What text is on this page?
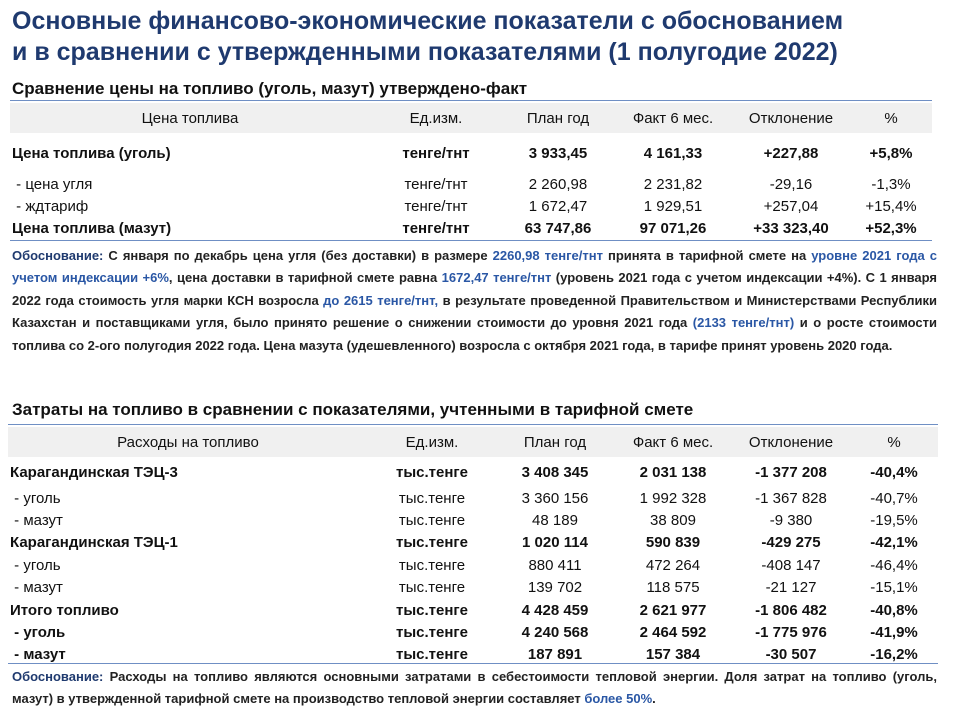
Основные финансово-экономические показатели с обоснованием
и в сравнении с утвержденными показателями (1 полугодие 2022)
Сравнение цены на топливо (уголь, мазут) утверждено-факт
Цена топлива	Ед.изм.	План год	Факт 6 мес.	Отклонение	%
Цена топлива (уголь)	тенге/тнт	3 933,45	4 161,33	+227,88	+5,8%
- цена угля	тенге/тнт	2 260,98	2 231,82	-29,16	-1,3%
- ждтариф	тенге/тнт	1 672,47	1 929,51	+257,04	+15,4%
Цена топлива (мазут)	тенге/тнт	63 747,86	97 071,26	+33 323,40	+52,3%
Обоснование: С января по декабрь цена угля (без доставки) в размере 2260,98 тенге/тнт принята в тарифной смете на уровне 2021 года с учетом индексации +6%, цена доставки в тарифной смете равна 1672,47 тенге/тнт (уровень 2021 года с учетом индексации +4%). С 1 января 2022 года стоимость угля марки КСН возросла до 2615 тенге/тнт, в результате проведенной Правительством и Министерствами Республики Казахстан и поставщиками угля, было принято решение о снижении стоимости до уровня 2021 года (2133 тенге/тнт) и о росте стоимости топлива со 2-ого полугодия 2022 года. Цена мазута (удешевленного) возросла с октября 2021 года, в тарифе принят уровень 2020 года.
Затраты на топливо в сравнении с показателями, учтенными в тарифной смете
Расходы на топливо	Ед.изм.	План год	Факт 6 мес.	Отклонение	%
Карагандинская ТЭЦ-3	тыс.тенге	3 408 345	2 031 138	-1 377 208	-40,4%
- уголь	тыс.тенге	3 360 156	1 992 328	-1 367 828	-40,7%
- мазут	тыс.тенге	48 189	38 809	-9 380	-19,5%
Карагандинская ТЭЦ-1	тыс.тенге	1 020 114	590 839	-429 275	-42,1%
- уголь	тыс.тенге	880 411	472 264	-408 147	-46,4%
- мазут	тыс.тенге	139 702	118 575	-21 127	-15,1%
Итого топливо	тыс.тенге	4 428 459	2 621 977	-1 806 482	-40,8%
- уголь	тыс.тенге	4 240 568	2 464 592	-1 775 976	-41,9%
- мазут	тыс.тенге	187 891	157 384	-30 507	-16,2%
Обоснование: Расходы на топливо являются основными затратами в себестоимости тепловой энергии. Доля затрат на топливо (уголь, мазут) в утвержденной тарифной смете на производство тепловой энергии составляет более 50%.
